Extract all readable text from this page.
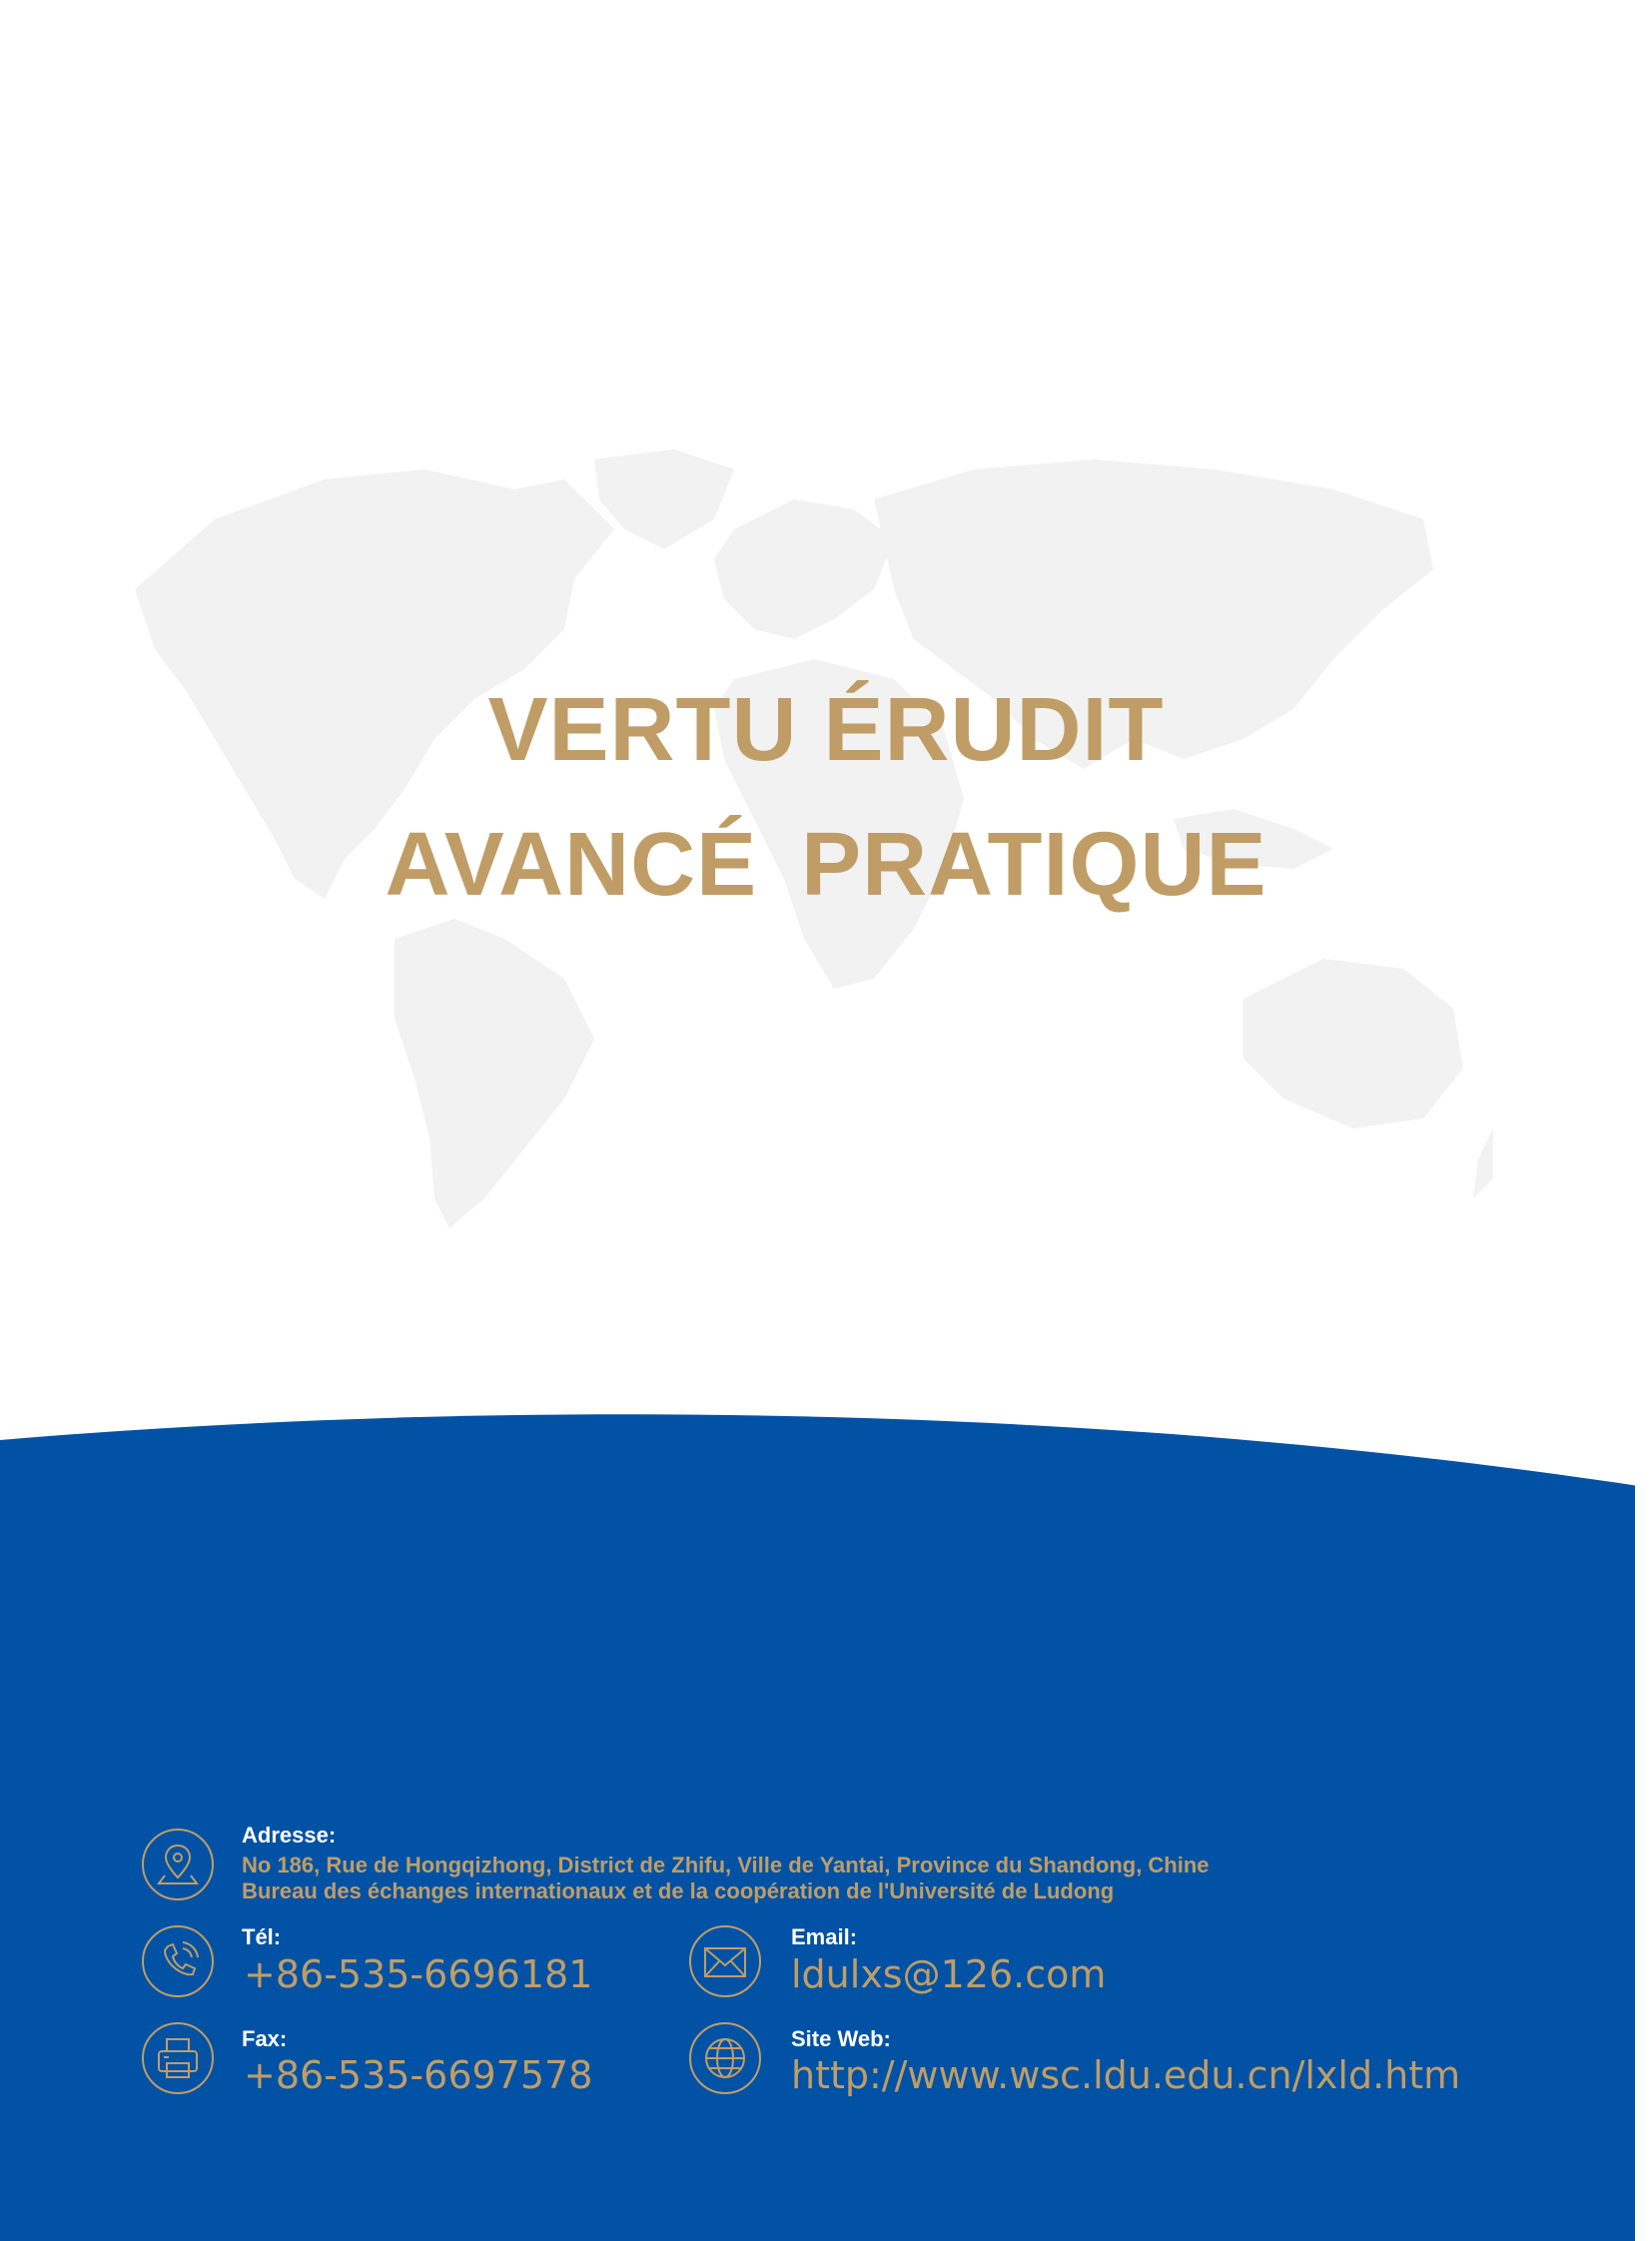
VERTU ÉRUDIT
AVANCÉ PRATIQUE
Adresse:
No 186, Rue de Hongqizhong, District de Zhifu, Ville de Yantai, Province du Shandong, Chine
Bureau des échanges internationaux et de la coopération de l'Université de Ludong
Tél:
+86-535-6696181
Email:
ldulxs@126.com
Fax:
+86-535-6697578
Site Web:
http://www.wsc.ldu.edu.cn/lxld.htm
